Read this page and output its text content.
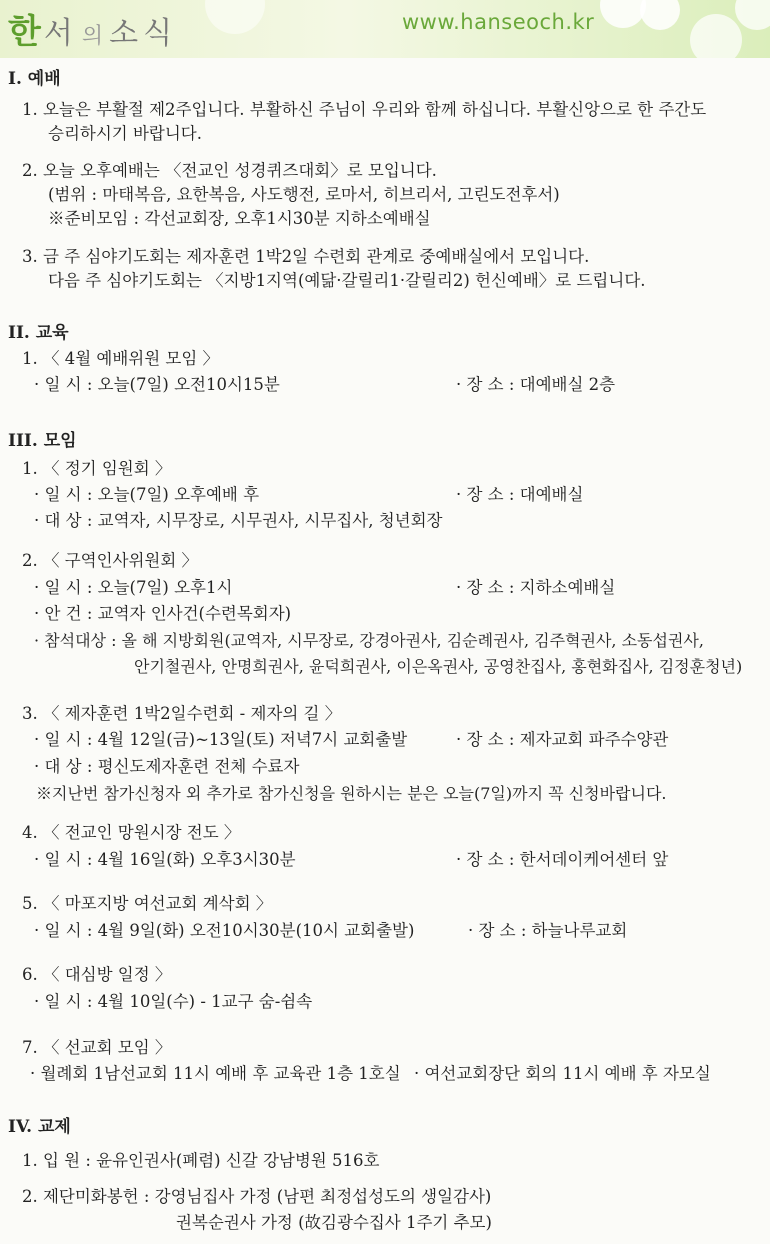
한 서 의 소식	www.hanseoch.kr
I. 예배
1. 오늘은 부활절 제2주입니다. 부활하신 주님이 우리와 함께 하십니다. 부활신앙으로 한 주간도
승리하시기 바랍니다.
2. 오늘 오후예배는 〈전교인 성경퀴즈대회〉로 모입니다.
(범위 : 마태복음, 요한복음, 사도행전, 로마서, 히브리서, 고린도전후서)
※준비모임 : 각선교회장, 오후1시30분 지하소예배실
3. 금 주 심야기도회는 제자훈련 1박2일 수련회 관계로 중예배실에서 모입니다.
다음 주 심야기도회는 〈지방1지역(예닮·갈릴리1·갈릴리2) 헌신예배〉로 드립니다.
II. 교육
1. 〈 4월 예배위원 모임 〉
· 일 시 : 오늘(7일) 오전10시15분	· 장 소 : 대예배실 2층
III. 모임
1. 〈 정기 임원회 〉
· 일 시 : 오늘(7일) 오후예배 후	· 장 소 : 대예배실
· 대 상 : 교역자, 시무장로, 시무권사, 시무집사, 청년회장
2. 〈 구역인사위원회 〉
· 일 시 : 오늘(7일) 오후1시	· 장 소 : 지하소예배실
· 안 건 : 교역자 인사건(수련목회자)
· 참석대상 : 올 해 지방회원(교역자, 시무장로, 강경아권사, 김순례권사, 김주혁권사, 소동섭권사,
안기철권사, 안명희권사, 윤덕희권사, 이은옥권사, 공영찬집사, 홍현화집사, 김정훈청년)
3. 〈 제자훈련 1박2일수련회 - 제자의 길 〉
· 일 시 : 4월 12일(금)~13일(토) 저녁7시 교회출발	· 장 소 : 제자교회 파주수양관
· 대 상 : 평신도제자훈련 전체 수료자
※지난번 참가신청자 외 추가로 참가신청을 원하시는 분은 오늘(7일)까지 꼭 신청바랍니다.
4. 〈 전교인 망원시장 전도 〉
· 일 시 : 4월 16일(화) 오후3시30분	· 장 소 : 한서데이케어센터 앞
5. 〈 마포지방 여선교회 계삭회 〉
· 일 시 : 4월 9일(화) 오전10시30분(10시 교회출발)	· 장 소 : 하늘나루교회
6. 〈 대심방 일정 〉
· 일 시 : 4월 10일(수) - 1교구 숨-쉼속
7. 〈 선교회 모임 〉
· 월례회 1남선교회 11시 예배 후 교육관 1층 1호실 · 여선교회장단 회의 11시 예배 후 자모실
IV. 교제
1. 입 원 : 윤유인권사(폐렴) 신갈 강남병원 516호
2. 제단미화봉헌 : 강영님집사 가정 (남편 최정섭성도의 생일감사)
권복순권사 가정 (故김광수집사 1주기 추모)
